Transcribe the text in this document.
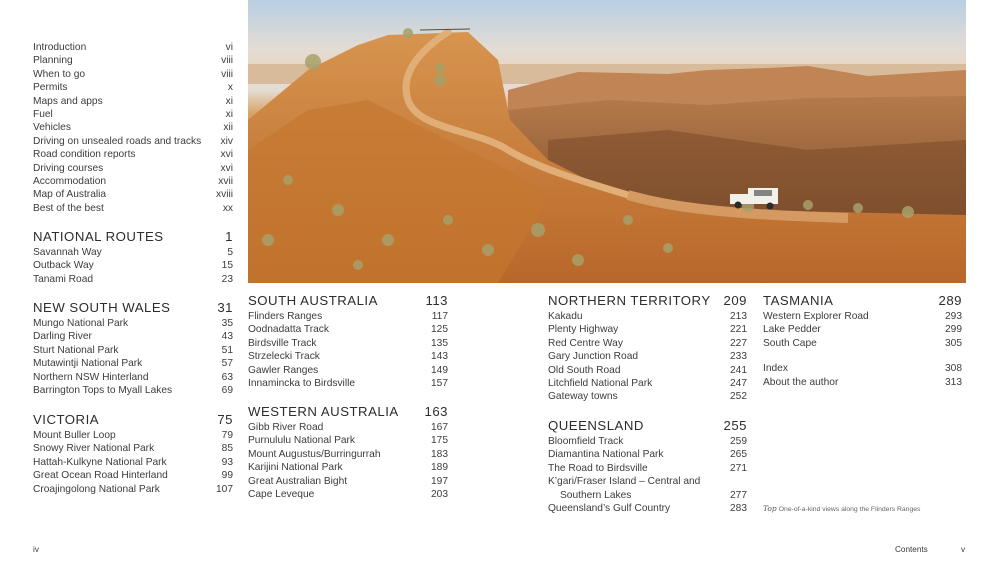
Introduction	vi
Planning	viii
When to go	viii
Permits	x
Maps and apps	xi
Fuel	xi
Vehicles	xii
Driving on unsealed roads and tracks xiv
Road condition reports	xvi
Driving courses	xvi
Accommodation	xvii
Map of Australia	xviii
Best of the best	xx
NATIONAL ROUTES	1
Savannah Way	5
Outback Way	15
Tanami Road	23
NEW SOUTH WALES	31
Mungo National Park	35
Darling River	43
Sturt National Park	51
Mutawintji National Park	57
Northern NSW Hinterland	63
Barrington Tops to Myall Lakes	69
VICTORIA	75
Mount Buller Loop	79
Snowy River National Park	85
Hattah-Kulkyne National Park	93
Great Ocean Road Hinterland	99
Croajingolong National Park	107
SOUTH AUSTRALIA	113
Flinders Ranges	117
Oodnadatta Track	125
Birdsville Track	135
Strzelecki Track	143
Gawler Ranges	149
Innamincka to Birdsville	157
WESTERN AUSTRALIA 163
Gibb River Road	167
Purnululu National Park	175
Mount Augustus/Burringurrah	183
Karijini National Park	189
Great Australian Bight	197
Cape Leveque	203
NORTHERN TERRITORY 209
Kakadu	213
Plenty Highway	221
Red Centre Way	227
Gary Junction Road	233
Old South Road	241
Litchfield National Park	247
Gateway towns	252
QUEENSLAND	255
Bloomfield Track	259
Diamantina National Park	265
The Road to Birdsville	271
K’gari/Fraser Island – Central and Southern Lakes	277
Queensland’s Gulf Country	283
TASMANIA	289
Western Explorer Road	293
Lake Pedder	299
South Cape	305
Index	308
About the author	313
Top One-of-a-kind views along the Flinders Ranges
iv	Contents	v
